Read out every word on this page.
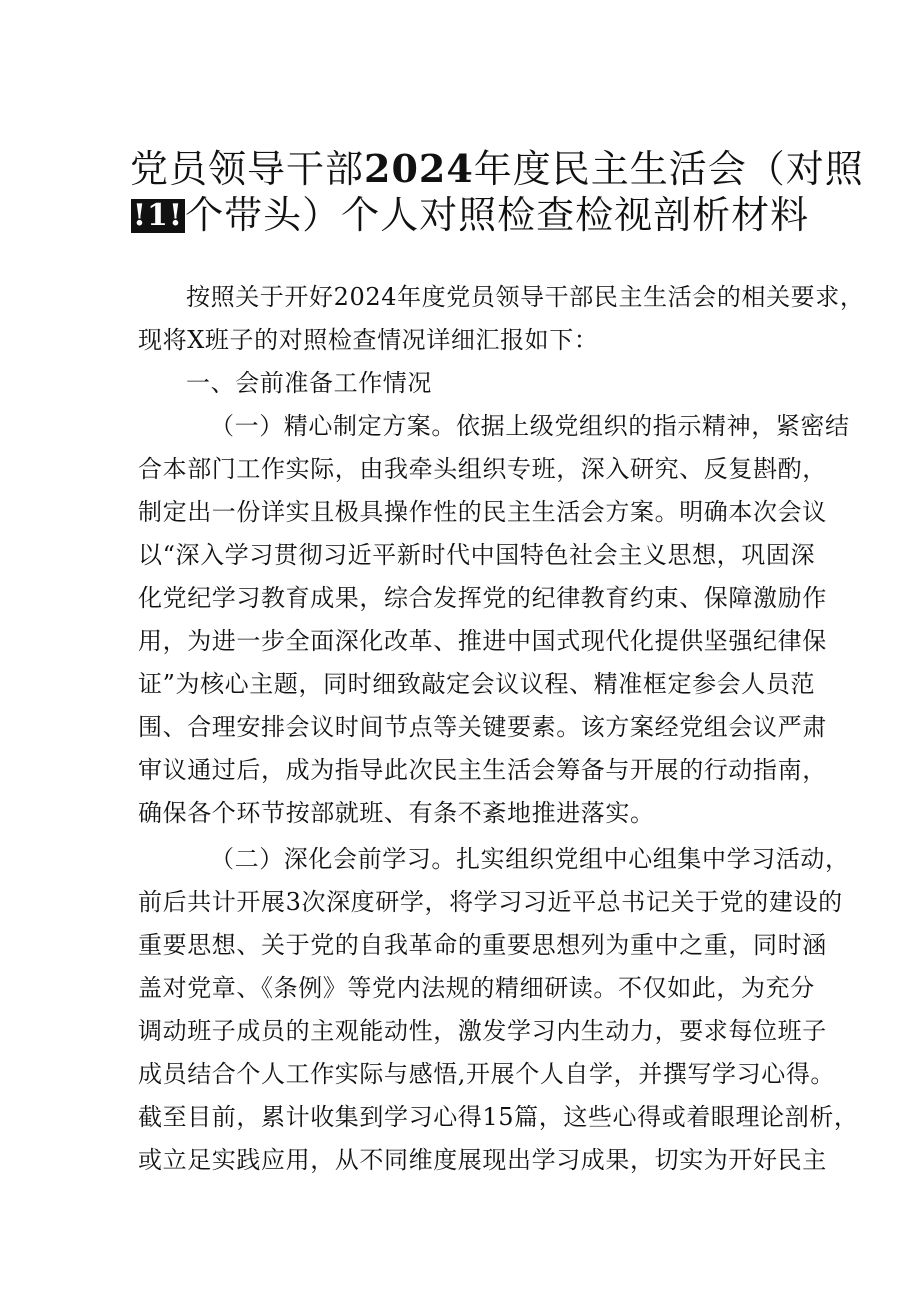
党员领导干部2024年度民主生活会（对照
!1!个带头）个人对照检查检视剖析材料
按照关于开好2024年度党员领导干部民主生活会的相关要求，
现将X班子的对照检查情况详细汇报如下：
一、会前准备工作情况
（一）精心制定方案。依据上级党组织的指示精神，紧密结
合本部门工作实际，由我牵头组织专班，深入研究、反复斟酌，
制定出一份详实且极具操作性的民主生活会方案。明确本次会议
以“深入学习贯彻习近平新时代中国特色社会主义思想，巩固深
化党纪学习教育成果，综合发挥党的纪律教育约束、保障激励作
用，为进一步全面深化改革、推进中国式现代化提供坚强纪律保
证”为核心主题，同时细致敲定会议议程、精准框定参会人员范
围、合理安排会议时间节点等关键要素。该方案经党组会议严肃
审议通过后，成为指导此次民主生活会筹备与开展的行动指南，
确保各个环节按部就班、有条不紊地推进落实。
（二）深化会前学习。扎实组织党组中心组集中学习活动，
前后共计开展3次深度研学，将学习习近平总书记关于党的建设的
重要思想、关于党的自我革命的重要思想列为重中之重，同时涵
盖对党章、《条例》等党内法规的精细研读。不仅如此，为充分
调动班子成员的主观能动性，激发学习内生动力，要求每位班子
成员结合个人工作实际与感悟,开展个人自学，并撰写学习心得。
截至目前，累计收集到学习心得15篇，这些心得或着眼理论剖析，
或立足实践应用，从不同维度展现出学习成果，切实为开好民主
